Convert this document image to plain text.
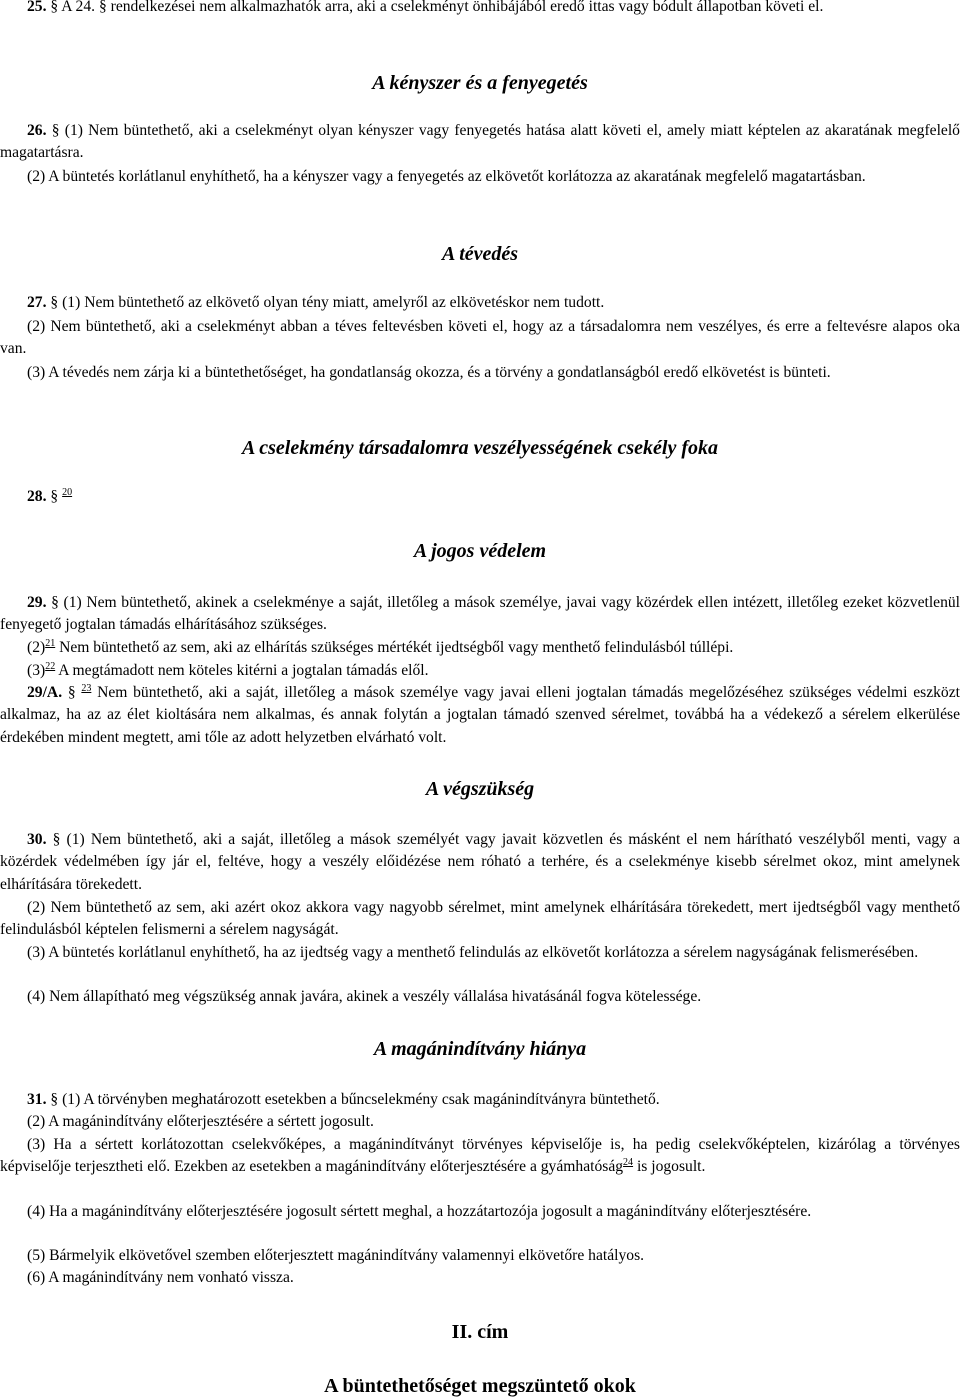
25. § A 24. § rendelkezései nem alkalmazhatók arra, aki a cselekményt önhibájából eredő ittas vagy bódult állapotban követi el.

A kényszer és a fenyegetés

26. § (1) Nem büntethető, aki a cselekményt olyan kényszer vagy fenyegetés hatása alatt követi el, amely miatt képtelen az akaratának megfelelő magatartásra.

(2) A büntetés korlátlanul enyhíthető, ha a kényszer vagy a fenyegetés az elkövetőt korlátozza az akaratának megfelelő magatartásban.

A tévedés

27. § (1) Nem büntethető az elkövető olyan tény miatt, amelyről az elkövetéskor nem tudott.

(2) Nem büntethető, aki a cselekményt abban a téves feltevésben követi el, hogy az a társadalomra nem veszélyes, és erre a feltevésre alapos oka van.

(3) A tévedés nem zárja ki a büntethetőséget, ha gondatlanság okozza, és a törvény a gondatlanságból eredő elkövetést is bünteti.

A cselekmény társadalomra veszélyességének csekély foka
28. § $^{20}$
A jogos védelem

29. § (1) Nem büntethető, akinek a cselekménye a saját, illetőleg a mások személye, javai vagy közérdek ellen intézett, illetőleg ezeket közvetlenül fenyegető jogtalan támadás elhárításához szükséges.

$(2)^{21}$ Nem büntethető az sem, aki az elhárítás szükséges mértékét ijedtségből vagy menthető felindulásból túllépi.

$(3)^{22}$ A megtámadott nem köteles kitérni a jogtalan támadás elől.

29/A. § $^{23}$ Nem büntethető, aki a saját, illetőleg a mások személye vagy javai elleni jogtalan támadás megelőzéséhez szükséges védelmi eszközt alkalmaz, ha az az élet kioltására nem alkalmas, és annak folytán a jogtalan támadó szenved sérelmet, továbbá ha a védekező a sérelem elkerülése érdekében mindent megtett, ami tőle az adott helyzetben elvárható volt.

A végszükség

30. § (1) Nem büntethető, aki a saját, illetőleg a mások személyét vagy javait közvetlen és másként el nem hárítható veszélyből menti, vagy a közérdek védelmében így jár el, feltéve, hogy a veszély előidézése nem róható a terhére, és a cselekménye kisebb sérelmet okoz, mint amelynek elhárítására törekedett.

(2) Nem büntethető az sem, aki azért okoz akkora vagy nagyobb sérelmet, mint amelynek elhárítására törekedett, mert ijedtségből vagy menthető felindulásból képtelen felismerni a sérelem nagyságát.

(3) A büntetés korlátlanul enyhíthető, ha az ijedtség vagy a menthető felindulás az elkövetőt korlátozza a sérelem nagyságának felismerésében.

(4) Nem állapítható meg végszükség annak javára, akinek a veszély vállalása hivatásánál fogva kötelessége.

A magánindítvány hiánya

31. § (1) A törvényben meghatározott esetekben a bűncselekmény csak magánindítványra büntethető.

(2) A magánindítvány előterjesztésére a sértett jogosult.

(3) Ha a sértett korlátozottan cselekvőképes, a magánindítványt törvényes képviselője is, ha pedig cselekvőképtelen, kizárólag a törvényes képviselője terjesztheti elő. Ezekben az esetekben a magánindítvány előterjesztésére a gyámhatóság$^{24}$ is jogosult.

(4) Ha a magánindítvány előterjesztésére jogosult sértett meghal, a hozzátartozója jogosult a magánindítvány előterjesztésére.

(5) Bármelyik elkövetővel szemben előterjesztett magánindítvány valamennyi elkövetőre hatályos.

(6) A magánindítvány nem vonható vissza.

II. cím
A büntethetőséget megszüntető okok
